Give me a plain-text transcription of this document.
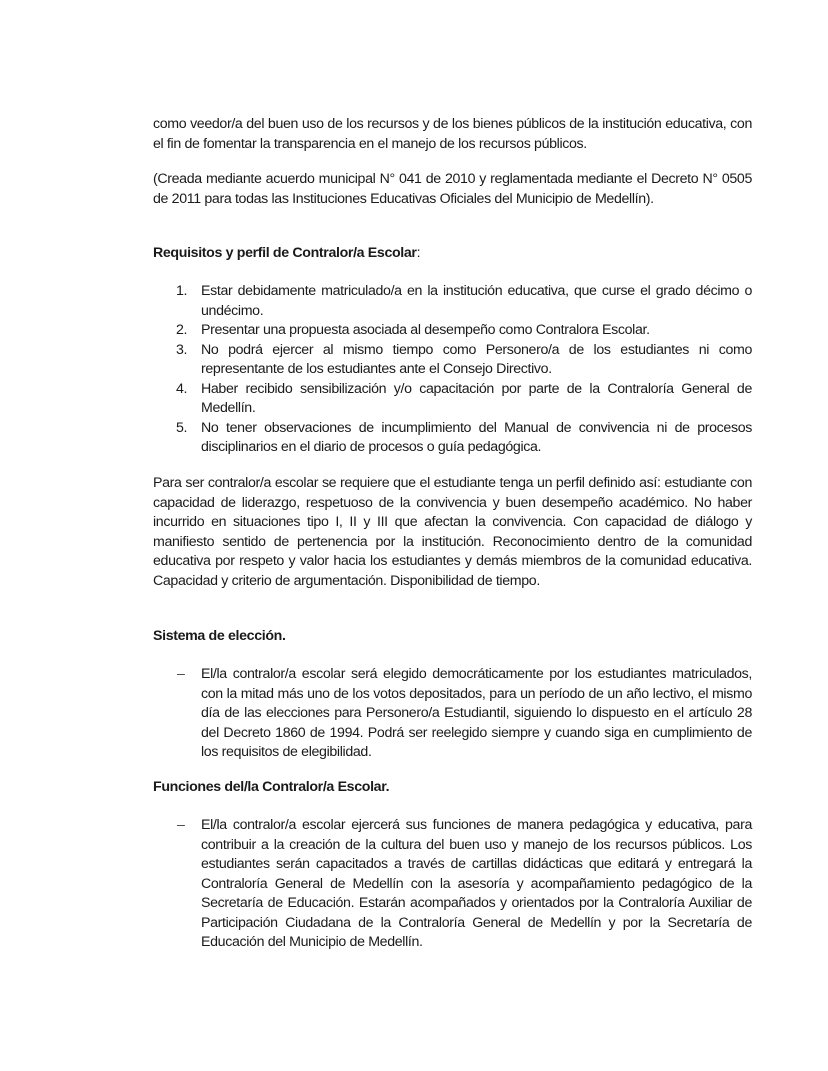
como veedor/a del buen uso de los recursos y de los bienes públicos de la institución educativa, con el fin de fomentar la transparencia en el manejo de los recursos públicos.

(Creada mediante acuerdo municipal N° 041 de 2010 y reglamentada mediante el Decreto N° 0505 de 2011 para todas las Instituciones Educativas Oficiales del Municipio de Medellín).

Requisitos y perfil de Contralor/a Escolar:

1. Estar debidamente matriculado/a en la institución educativa, que curse el grado décimo o undécimo.
2. Presentar una propuesta asociada al desempeño como Contralora Escolar.
3. No podrá ejercer al mismo tiempo como Personero/a de los estudiantes ni como representante de los estudiantes ante el Consejo Directivo.
4. Haber recibido sensibilización y/o capacitación por parte de la Contraloría General de Medellín.
5. No tener observaciones de incumplimiento del Manual de convivencia ni de procesos disciplinarios en el diario de procesos o guía pedagógica.

Para ser contralor/a escolar se requiere que el estudiante tenga un perfil definido así: estudiante con capacidad de liderazgo, respetuoso de la convivencia y buen desempeño académico. No haber incurrido en situaciones tipo I, II y III que afectan la convivencia. Con capacidad de diálogo y manifiesto sentido de pertenencia por la institución. Reconocimiento dentro de la comunidad educativa por respeto y valor hacia los estudiantes y demás miembros de la comunidad educativa. Capacidad y criterio de argumentación. Disponibilidad de tiempo.

Sistema de elección.

– El/la contralor/a escolar será elegido democráticamente por los estudiantes matriculados, con la mitad más uno de los votos depositados, para un período de un año lectivo, el mismo día de las elecciones para Personero/a Estudiantil, siguiendo lo dispuesto en el artículo 28 del Decreto 1860 de 1994. Podrá ser reelegido siempre y cuando siga en cumplimiento de los requisitos de elegibilidad.

Funciones del/la Contralor/a Escolar.

– El/la contralor/a escolar ejercerá sus funciones de manera pedagógica y educativa, para contribuir a la creación de la cultura del buen uso y manejo de los recursos públicos. Los estudiantes serán capacitados a través de cartillas didácticas que editará y entregará la Contraloría General de Medellín con la asesoría y acompañamiento pedagógico de la Secretaría de Educación. Estarán acompañados y orientados por la Contraloría Auxiliar de Participación Ciudadana de la Contraloría General de Medellín y por la Secretaría de Educación del Municipio de Medellín.
